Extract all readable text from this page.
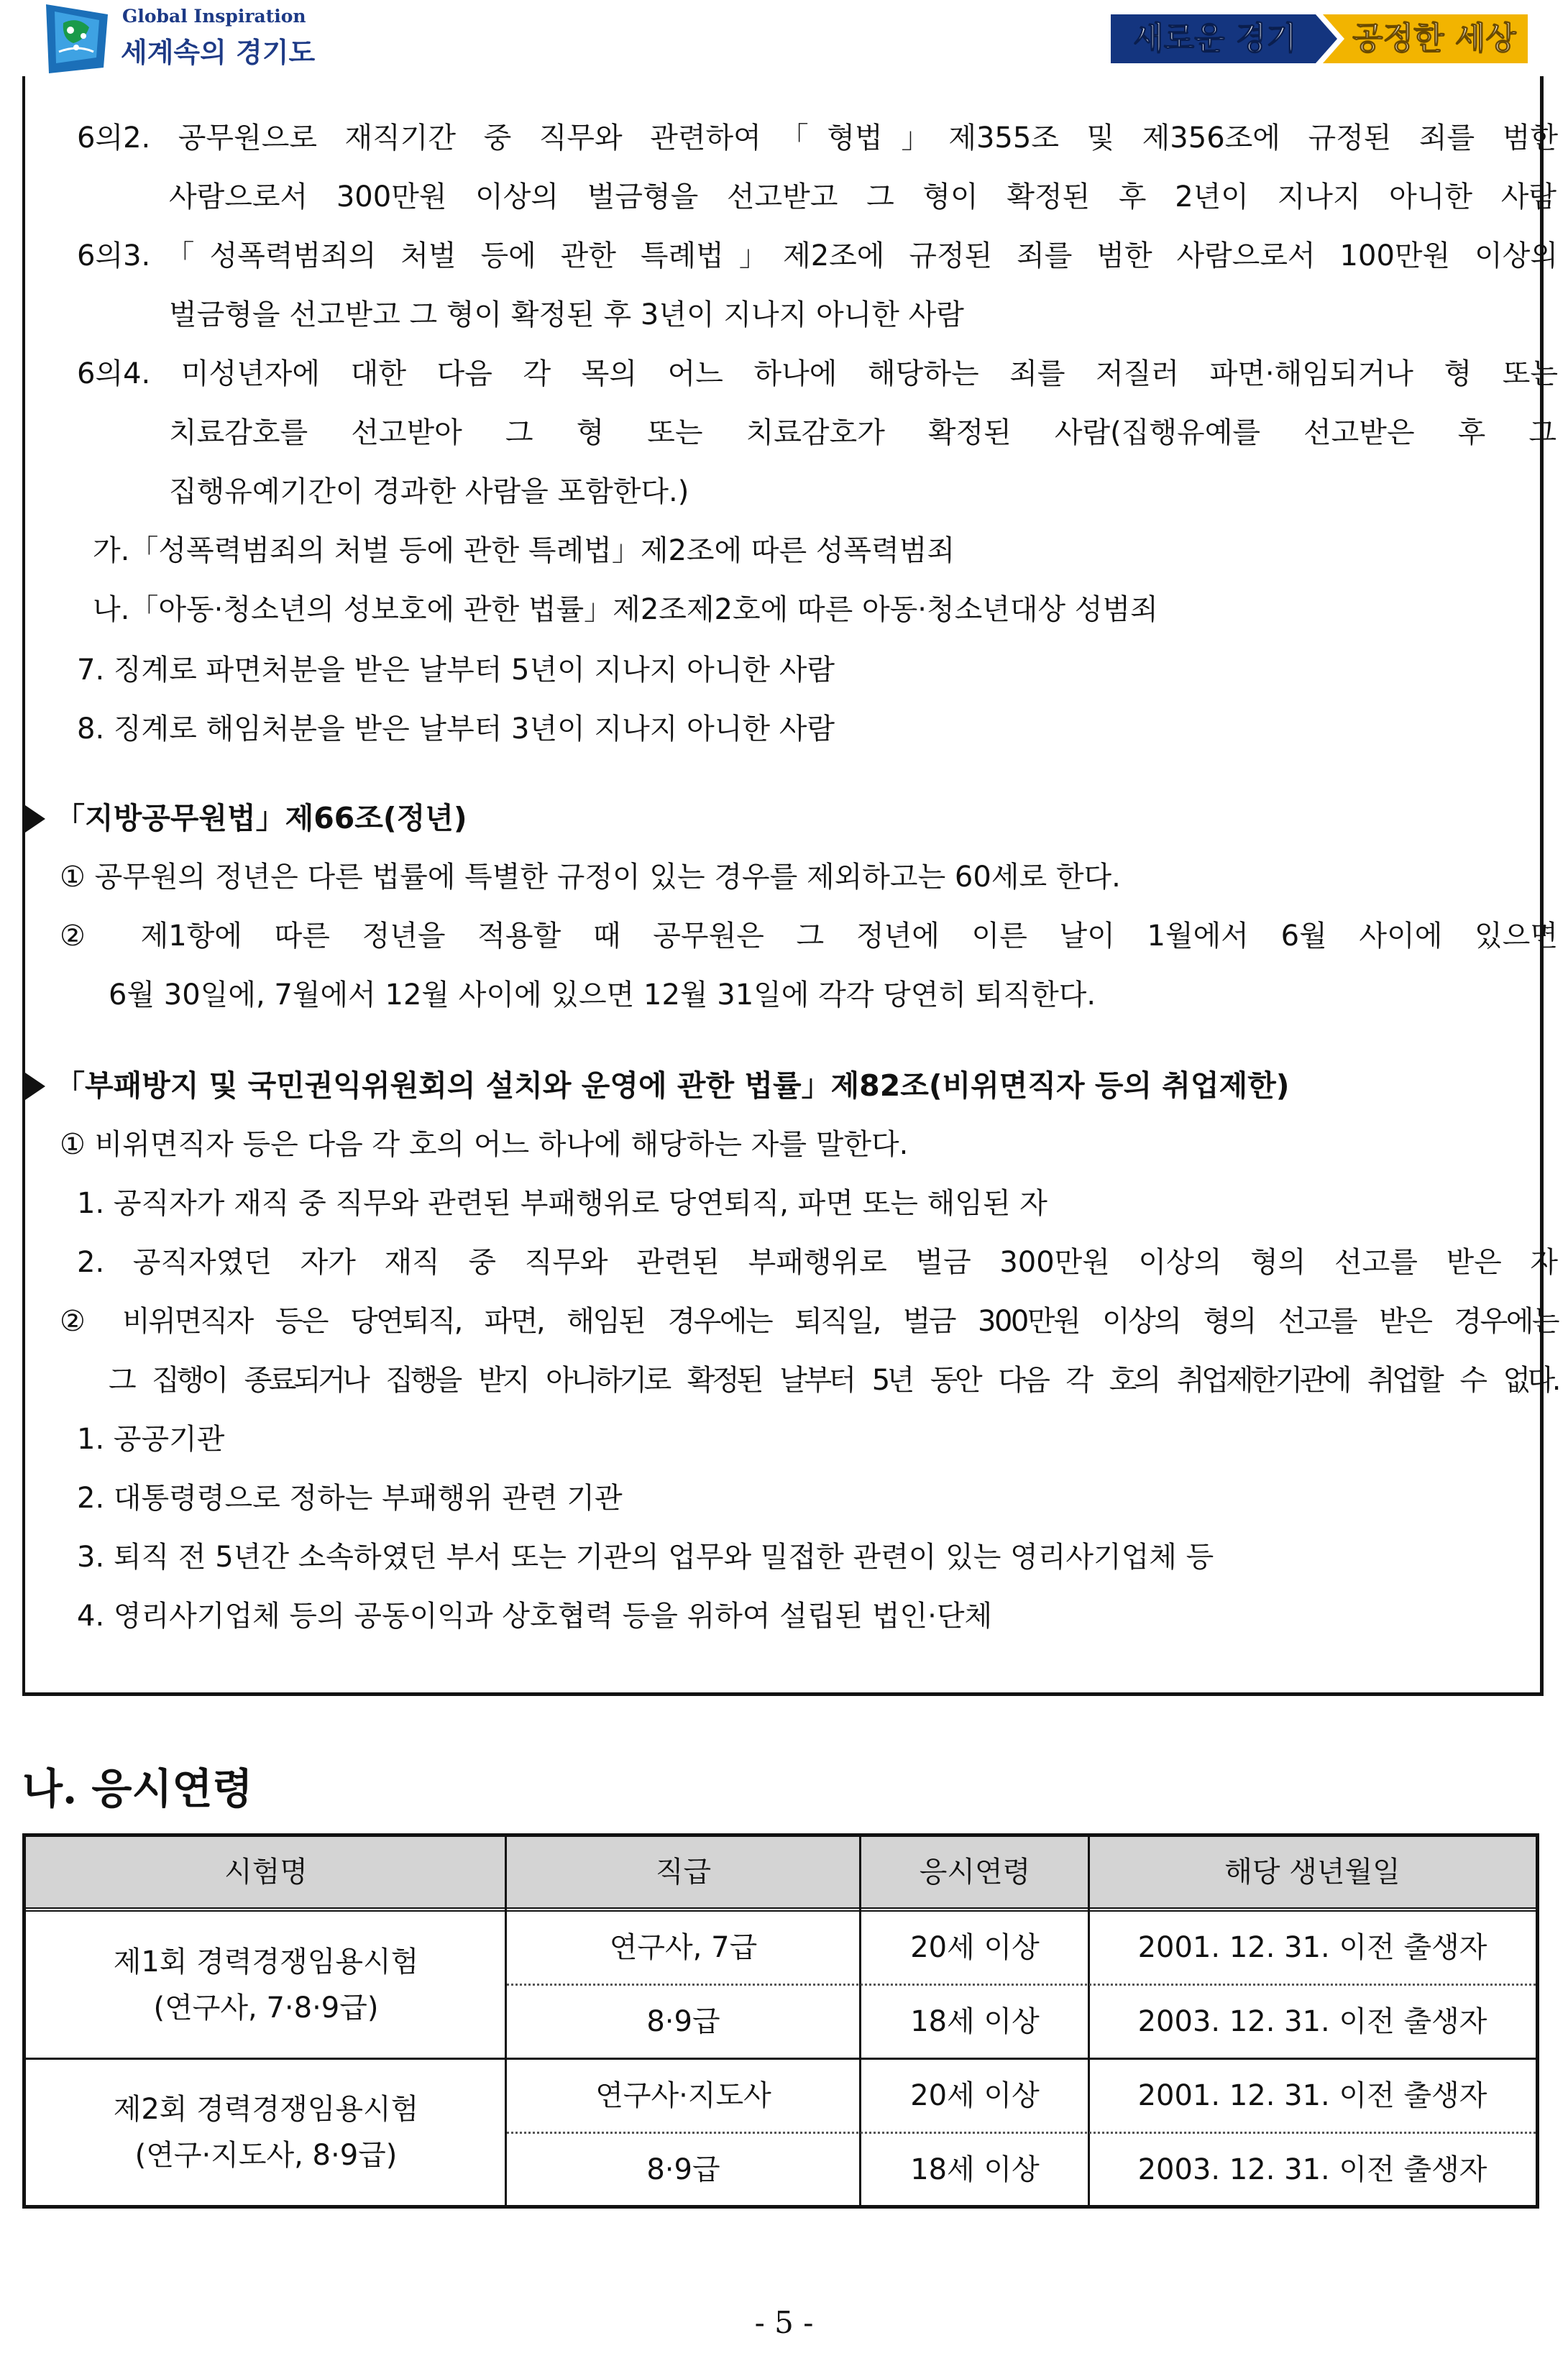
Global Inspiration
세계속의 경기도	새로운 경기 공정한 세상
6의2. 공무원으로 재직기간 중 직무와 관련하여「형법」제355조 및 제356조에 규정된 죄를 범한
사람으로서 300만원 이상의 벌금형을 선고받고 그 형이 확정된 후 2년이 지나지 아니한 사람
6의3.「성폭력범죄의 처벌 등에 관한 특례법」제2조에 규정된 죄를 범한 사람으로서 100만원 이상의
벌금형을 선고받고 그 형이 확정된 후 3년이 지나지 아니한 사람
6의4. 미성년자에 대한 다음 각 목의 어느 하나에 해당하는 죄를 저질러 파면·해임되거나 형 또는
치료감호를 선고받아 그 형 또는 치료감호가 확정된 사람(집행유예를 선고받은 후 그
집행유예기간이 경과한 사람을 포함한다.)
가.「성폭력범죄의 처벌 등에 관한 특례법」제2조에 따른 성폭력범죄
나.「아동·청소년의 성보호에 관한 법률」제2조제2호에 따른 아동·청소년대상 성범죄
7. 징계로 파면처분을 받은 날부터 5년이 지나지 아니한 사람
8. 징계로 해임처분을 받은 날부터 3년이 지나지 아니한 사람
「지방공무원법」제66조(정년)
① 공무원의 정년은 다른 법률에 특별한 규정이 있는 경우를 제외하고는 60세로 한다.
② 제1항에 따른 정년을 적용할 때 공무원은 그 정년에 이른 날이 1월에서 6월 사이에 있으면
6월 30일에, 7월에서 12월 사이에 있으면 12월 31일에 각각 당연히 퇴직한다.
「부패방지 및 국민권익위원회의 설치와 운영에 관한 법률」제82조(비위면직자 등의 취업제한)
① 비위면직자 등은 다음 각 호의 어느 하나에 해당하는 자를 말한다.
1. 공직자가 재직 중 직무와 관련된 부패행위로 당연퇴직, 파면 또는 해임된 자
2. 공직자였던 자가 재직 중 직무와 관련된 부패행위로 벌금 300만원 이상의 형의 선고를 받은 자
② 비위면직자 등은 당연퇴직, 파면, 해임된 경우에는 퇴직일, 벌금 300만원 이상의 형의 선고를 받은 경우에는
그 집행이 종료되거나 집행을 받지 아니하기로 확정된 날부터 5년 동안 다음 각 호의 취업제한기관에 취업할 수 없다.
1. 공공기관
2. 대통령령으로 정하는 부패행위 관련 기관
3. 퇴직 전 5년간 소속하였던 부서 또는 기관의 업무와 밀접한 관련이 있는 영리사기업체 등
4. 영리사기업체 등의 공동이익과 상호협력 등을 위하여 설립된 법인·단체
나. 응시연령
시험명	직급	응시연령	해당 생년월일
제1회 경력경쟁임용시험
(연구사, 7·8·9급)
연구사, 7급	20세 이상	2001. 12. 31. 이전 출생자
8·9급	18세 이상	2003. 12. 31. 이전 출생자
제2회 경력경쟁임용시험
(연구·지도사, 8·9급)
연구사·지도사	20세 이상	2001. 12. 31. 이전 출생자
8·9급	18세 이상	2003. 12. 31. 이전 출생자
- 5 -
